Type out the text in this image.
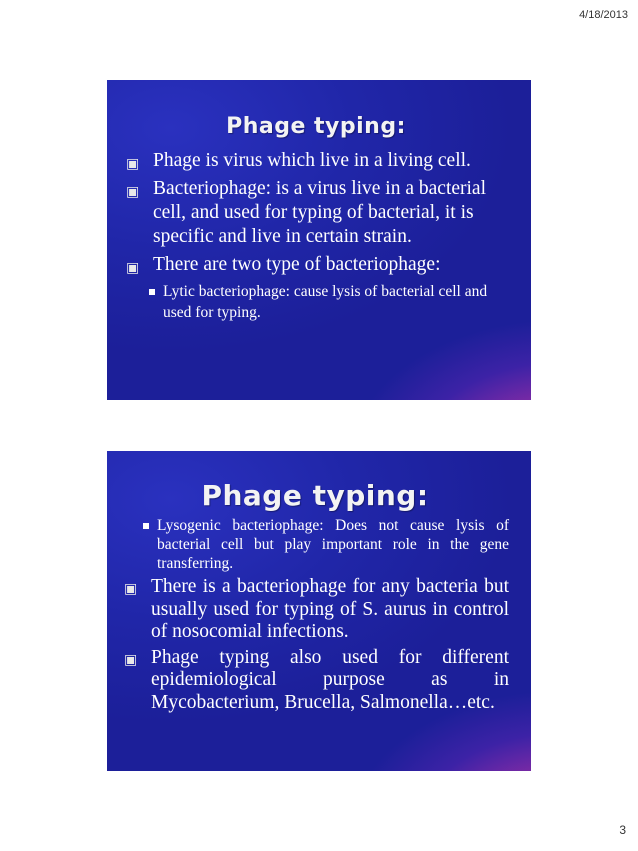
4/18/2013
Phage typing:
▣ Phage is virus which live in a living cell.
▣ Bacteriophage: is a virus live in a bacterial cell, and used for typing of bacterial, it is specific and live in certain strain.
▣ There are two type of bacteriophage:
Lytic bacteriophage: cause lysis of bacterial cell and used for typing.
Phage typing:
Lysogenic bacteriophage: Does not cause lysis of bacterial cell but play important role in the gene transferring.
▣ There is a bacteriophage for any bacteria but usually used for typing of S. aurus in control of nosocomial infections.
▣ Phage typing also used for different epidemiological purpose as in Mycobacterium, Brucella, Salmonella…etc.
3
